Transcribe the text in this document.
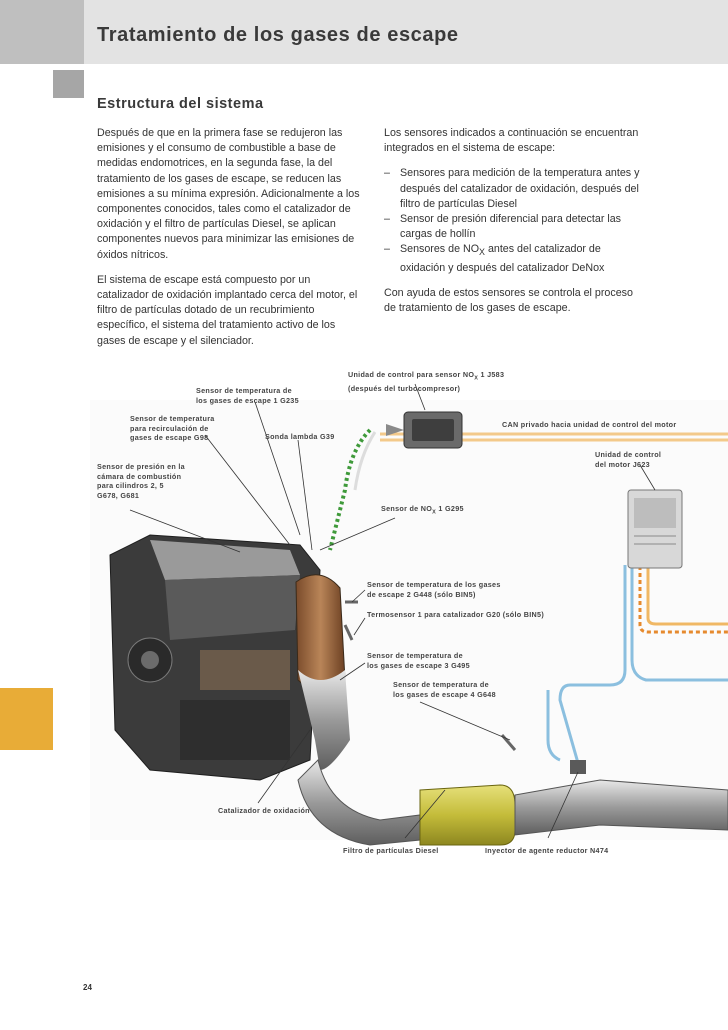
Tratamiento de los gases de escape
Estructura del sistema

Después de que en la primera fase se redujeron las emisiones y el consumo de combustible a base de medidas endomotrices, en la segunda fase, la del tratamiento de los gases de escape, se reducen las emisiones a su mínima expresión. Adicionalmente a los componentes conocidos, tales como el catalizador de oxidación y el filtro de partículas Diesel, se aplican componentes nuevos para minimizar las emisiones de óxidos nítricos.

El sistema de escape está compuesto por un catalizador de oxidación implantado cerca del motor, el filtro de partículas dotado de un recubrimiento específico, el sistema del tratamiento activo de los gases de escape y el silenciador.

Los sensores indicados a continuación se encuentran integrados en el sistema de escape:

– Sensores para medición de la temperatura antes y después del catalizador de oxidación, después del filtro de partículas Diesel
– Sensor de presión diferencial para detectar las cargas de hollín
– Sensores de $NO_X$ antes del catalizador de oxidación y después del catalizador DeNox

Con ayuda de estos sensores se controla el proceso de tratamiento de los gases de escape.

Unidad de control para sensor $NO_X$ 1 J583
(después del turbocompresor)
Sensor de temperatura de
los gases de escape 1 G235
Sensor de temperatura
para recirculación de
gases de escape G98	Sonda lambda G39
CAN privado hacia unidad de control del motor
Unidad de control
del motor J623
Sensor de presión en la
cámara de combustión
para cilindros 2, 5
G678, G681
Sensor de $NO_X$ 1 G295
Sensor de temperatura de los gases
de escape 2 G448 (sólo BIN5)
Termosensor 1 para catalizador G20 (sólo BIN5)
Sensor de temperatura de
los gases de escape 3 G495
Sensor de temperatura de
los gases de escape 4 G648
Catalizador de oxidación
Filtro de partículas Diesel	Inyector de agente reductor N474
24
